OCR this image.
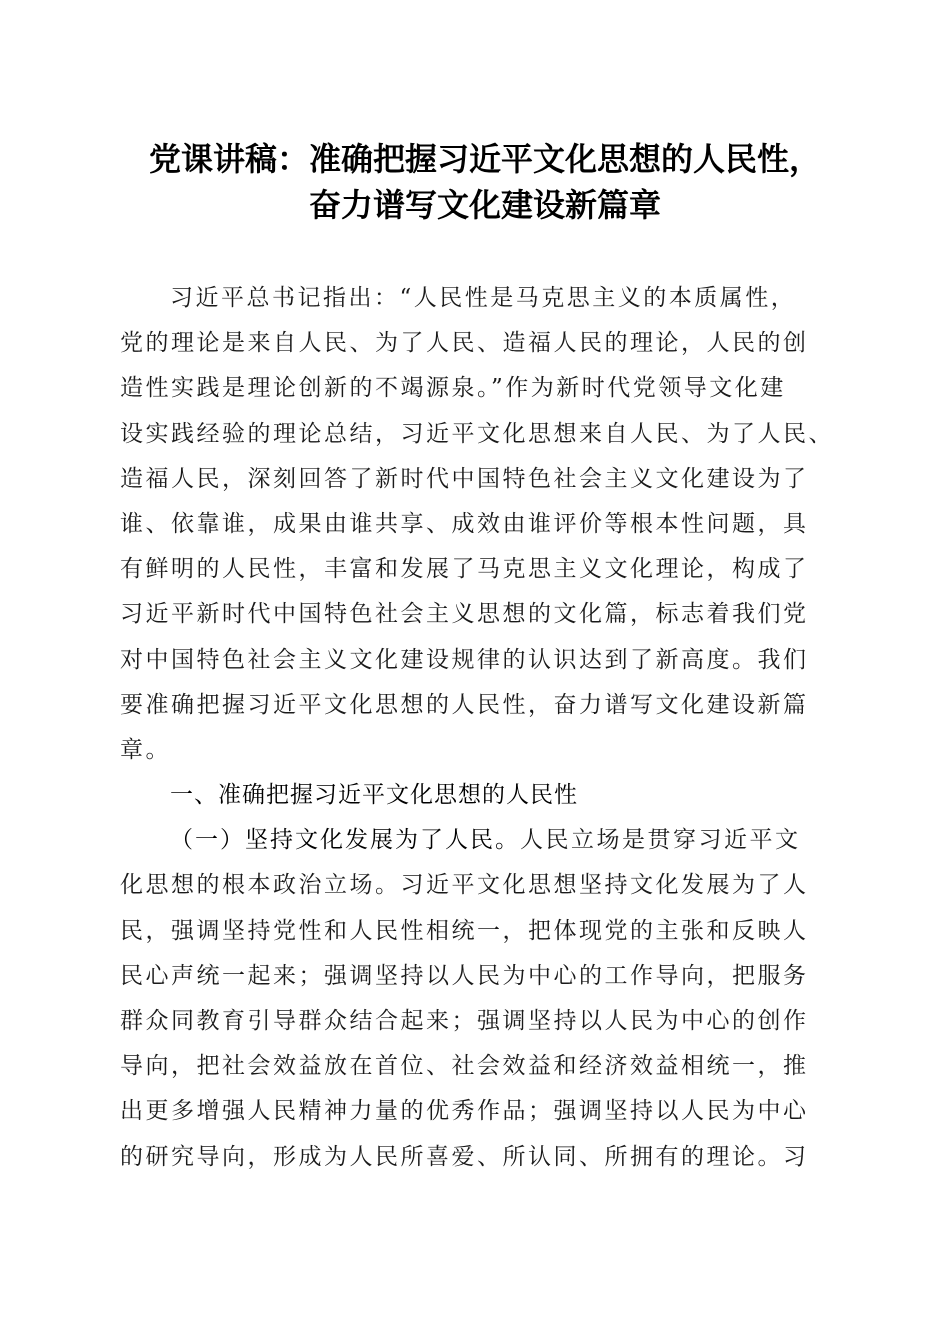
党课讲稿：准确把握习近平文化思想的人民性，
奋力谱写文化建设新篇章
习近平总书记指出：“人民性是马克思主义的本质属性，
党的理论是来自人民、为了人民、造福人民的理论，人民的创
造性实践是理论创新的不竭源泉。”作为新时代党领导文化建
设实践经验的理论总结，习近平文化思想来自人民、为了人民、
造福人民，深刻回答了新时代中国特色社会主义文化建设为了
谁、依靠谁，成果由谁共享、成效由谁评价等根本性问题，具
有鲜明的人民性，丰富和发展了马克思主义文化理论，构成了
习近平新时代中国特色社会主义思想的文化篇，标志着我们党
对中国特色社会主义文化建设规律的认识达到了新高度。我们
要准确把握习近平文化思想的人民性，奋力谱写文化建设新篇
章。
一、准确把握习近平文化思想的人民性
（一）坚持文化发展为了人民。人民立场是贯穿习近平文
化思想的根本政治立场。习近平文化思想坚持文化发展为了人
民，强调坚持党性和人民性相统一，把体现党的主张和反映人
民心声统一起来；强调坚持以人民为中心的工作导向，把服务
群众同教育引导群众结合起来；强调坚持以人民为中心的创作
导向，把社会效益放在首位、社会效益和经济效益相统一，推
出更多增强人民精神力量的优秀作品；强调坚持以人民为中心
的研究导向，形成为人民所喜爱、所认同、所拥有的理论。习
